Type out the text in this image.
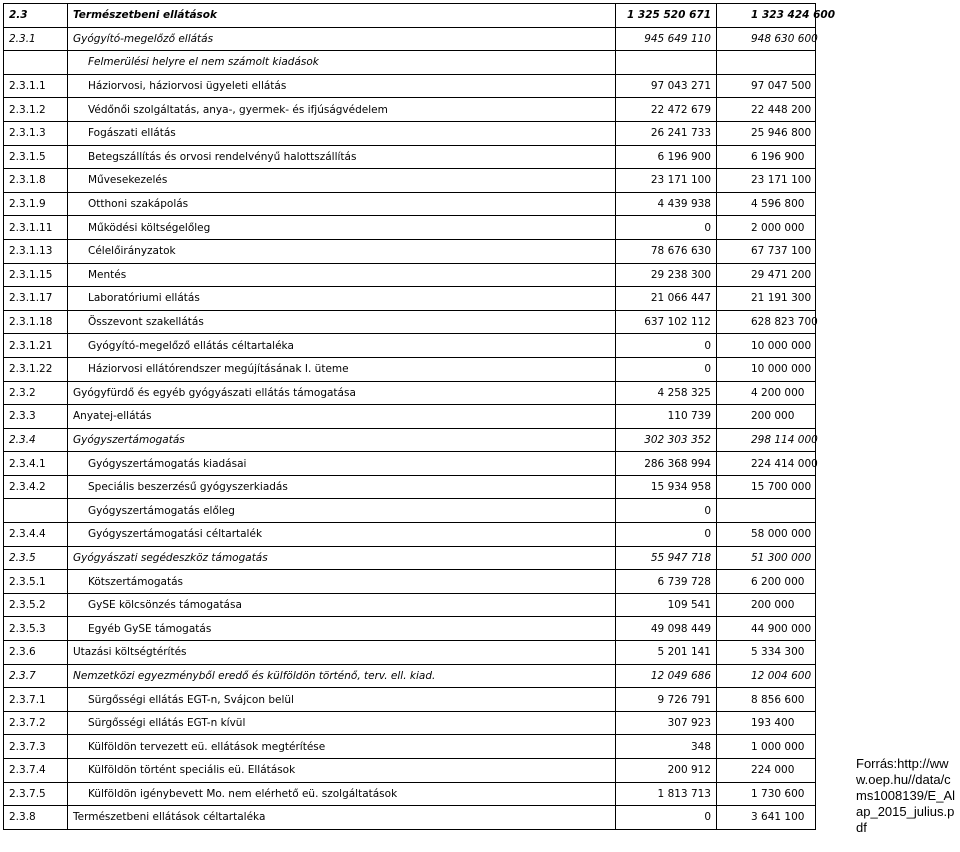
2.3	Természetbeni ellátások	1 325 520 671	1 323 424 600
2.3.1	Gyógyító-megelőző ellátás	945 649 110	948 630 600
	Felmerülési helyre el nem számolt kiadások		
2.3.1.1	Háziorvosi, háziorvosi ügyeleti ellátás	97 043 271	97 047 500
2.3.1.2	Védőnői szolgáltatás, anya-, gyermek- és ifjúságvédelem	22 472 679	22 448 200
2.3.1.3	Fogászati ellátás	26 241 733	25 946 800
2.3.1.5	Betegszállítás és orvosi rendelvényű halottszállítás	6 196 900	6 196 900
2.3.1.8	Művesekezelés	23 171 100	23 171 100
2.3.1.9	Otthoni szakápolás	4 439 938	4 596 800
2.3.1.11	Működési költségelőleg	0	2 000 000
2.3.1.13	Célelőirányzatok	78 676 630	67 737 100
2.3.1.15	Mentés	29 238 300	29 471 200
2.3.1.17	Laboratóriumi ellátás	21 066 447	21 191 300
2.3.1.18	Összevont szakellátás	637 102 112	628 823 700
2.3.1.21	Gyógyító-megelőző ellátás céltartaléka	0	10 000 000
2.3.1.22	Háziorvosi ellátórendszer megújításának I. üteme	0	10 000 000
2.3.2	Gyógyfürdő és egyéb gyógyászati ellátás támogatása	4 258 325	4 200 000
2.3.3	Anyatej-ellátás	110 739	200 000
2.3.4	Gyógyszertámogatás	302 303 352	298 114 000
2.3.4.1	Gyógyszertámogatás kiadásai	286 368 994	224 414 000
2.3.4.2	Speciális beszerzésű gyógyszerkiadás	15 934 958	15 700 000
	Gyógyszertámogatás előleg	0	
2.3.4.4	Gyógyszertámogatási céltartalék	0	58 000 000
2.3.5	Gyógyászati segédeszköz támogatás	55 947 718	51 300 000
2.3.5.1	Kötszertámogatás	6 739 728	6 200 000
2.3.5.2	GySE kölcsönzés támogatása	109 541	200 000
2.3.5.3	Egyéb GySE támogatás	49 098 449	44 900 000
2.3.6	Utazási költségtérítés	5 201 141	5 334 300
2.3.7	Nemzetközi egyezményből eredő és külföldön történő, terv. ell. kiad.	12 049 686	12 004 600
2.3.7.1	Sürgősségi ellátás EGT-n, Svájcon belül	9 726 791	8 856 600
2.3.7.2	Sürgősségi ellátás EGT-n kívül	307 923	193 400
2.3.7.3	Külföldön tervezett eü. ellátások megtérítése	348	1 000 000
2.3.7.4	Külföldön történt speciális eü. Ellátások	200 912	224 000
2.3.7.5	Külföldön igénybevett Mo. nem elérhető eü. szolgáltatások	1 813 713	1 730 600
2.3.8	Természetbeni ellátások céltartaléka	0	3 641 100
Forrás:http://www.oep.hu//data/cms1008139/E_Alap_2015_julius.pdf
